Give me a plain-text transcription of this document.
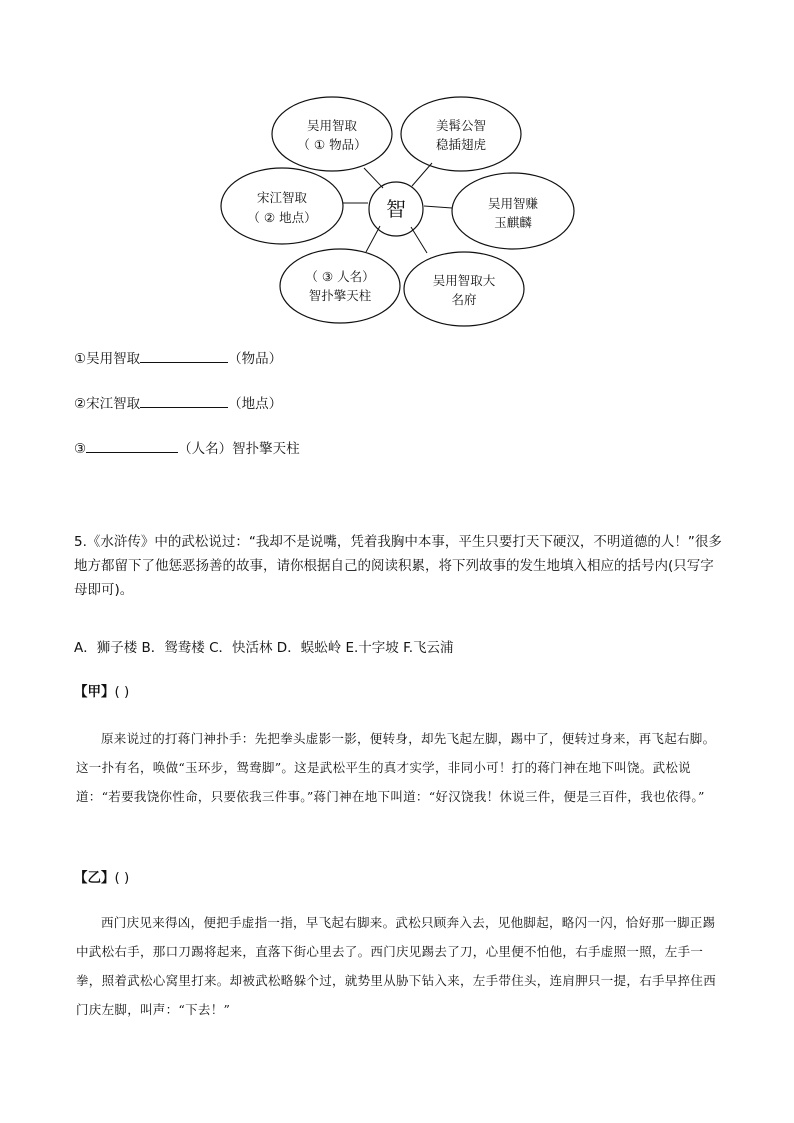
智
吴用智取
（ ① 物品）
美髯公智
稳插翅虎
宋江智取
（ ② 地点）
吴用智赚
玉麒麟
（ ③ 人名）
智扑擎天柱
吴用智取大
名府
①吴用智取	（物品）
②宋江智取	（地点）
③	（人名）智扑擎天柱
5.《水浒传》中的武松说过：“我却不是说嘴，凭着我胸中本事，平生只要打天下硬汉，不明道德的人！”很多地方都留下了他惩恶扬善的故事，请你根据自己的阅读积累，将下列故事的发生地填入相应的括号内(只写字母即可)。
A．狮子楼 B．鸳鸯楼 C．快活林 D．蜈蚣岭 E.十字坡 F.飞云浦
【甲】( )
原来说过的打蒋门神扑手：先把拳头虚影一影，便转身，却先飞起左脚，踢中了，便转过身来，再飞起右脚。这一扑有名，唤做“玉环步，鸳鸯脚”。这是武松平生的真才实学，非同小可！打的蒋门神在地下叫饶。武松说道：“若要我饶你性命，只要依我三件事。”蒋门神在地下叫道：“好汉饶我！休说三件，便是三百件，我也依得。”
【乙】( )
西门庆见来得凶，便把手虚指一指，早飞起右脚来。武松只顾奔入去，见他脚起，略闪一闪，恰好那一脚正踢中武松右手，那口刀踢将起来，直落下街心里去了。西门庆见踢去了刀，心里便不怕他，右手虚照一照，左手一拳，照着武松心窝里打来。却被武松略躲个过，就势里从胁下钻入来，左手带住头，连肩胛只一提，右手早捽住西门庆左脚，叫声：“下去！”
